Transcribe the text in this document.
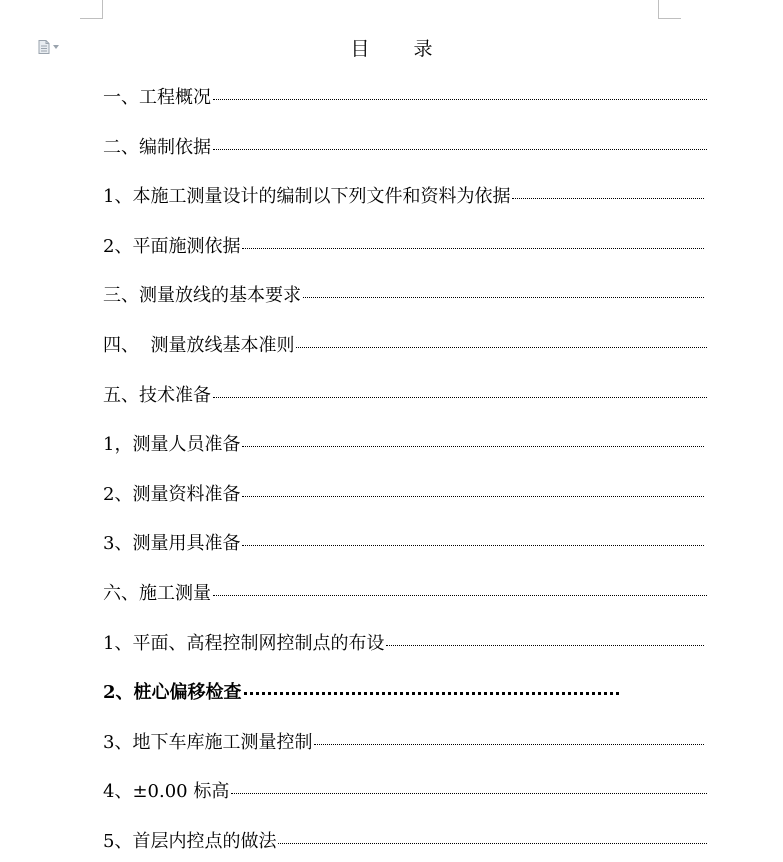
目 录
一、工程概况
二、编制依据
1、本施工测量设计的编制以下列文件和资料为依据
2、平面施测依据
三、测量放线的基本要求
四、  测量放线基本准则
五、技术准备
1，测量人员准备
2、测量资料准备
3、测量用具准备
六、施工测量
1、平面、高程控制网控制点的布设
2、桩心偏移检查
3、地下车库施工测量控制
4、±0.00 标高
5、首层内控点的做法
